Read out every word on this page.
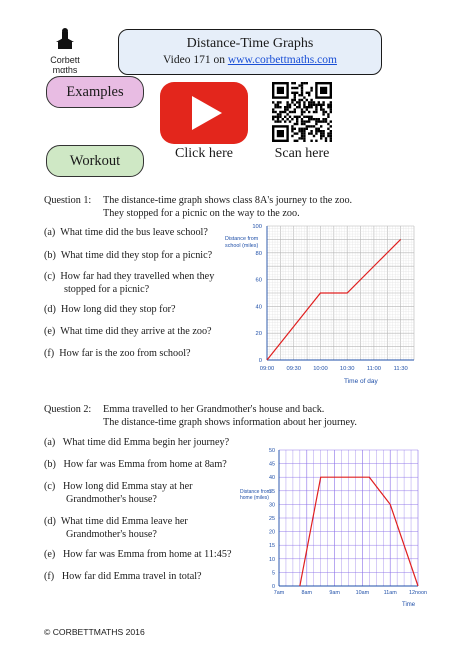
Corbett
mαths
Distance-Time Graphs
Video 171 on www.corbettmaths.com
Examples
Workout	Click here	Scan here
Question 1: The distance-time graph shows class 8A's journey to the zoo.
They stopped for a picnic on the way to the zoo.
(a) What time did the bus leave school?
(b) What time did they stop for a picnic?
(c) How far had they travelled when they
stopped for a picnic?
(d) How long did they stop for?
(e) What time did they arrive at the zoo?
(f) How far is the zoo from school?
09:00 09:30 10:00 10:30 11:00 11:30
0
20
40
60
80
100
Distance from
school (miles)
Time of day
Question 2: Emma travelled to her Grandmother's house and back.
The distance-time graph shows information about her journey.
(a) What time did Emma begin her journey?
(b) How far was Emma from home at 8am?
(c) How long did Emma stay at her
Grandmother's house?
(d) What time did Emma leave her
Grandmother's house?
(e) How far was Emma from home at 11:45?
(f) How far did Emma travel in total?
7am	8am	9am	10am	11am 12noon
0
5
10
15
20
25
30
35
40
45
50
Distance from
home (miles)
Time
© CORBETTMATHS 2016
